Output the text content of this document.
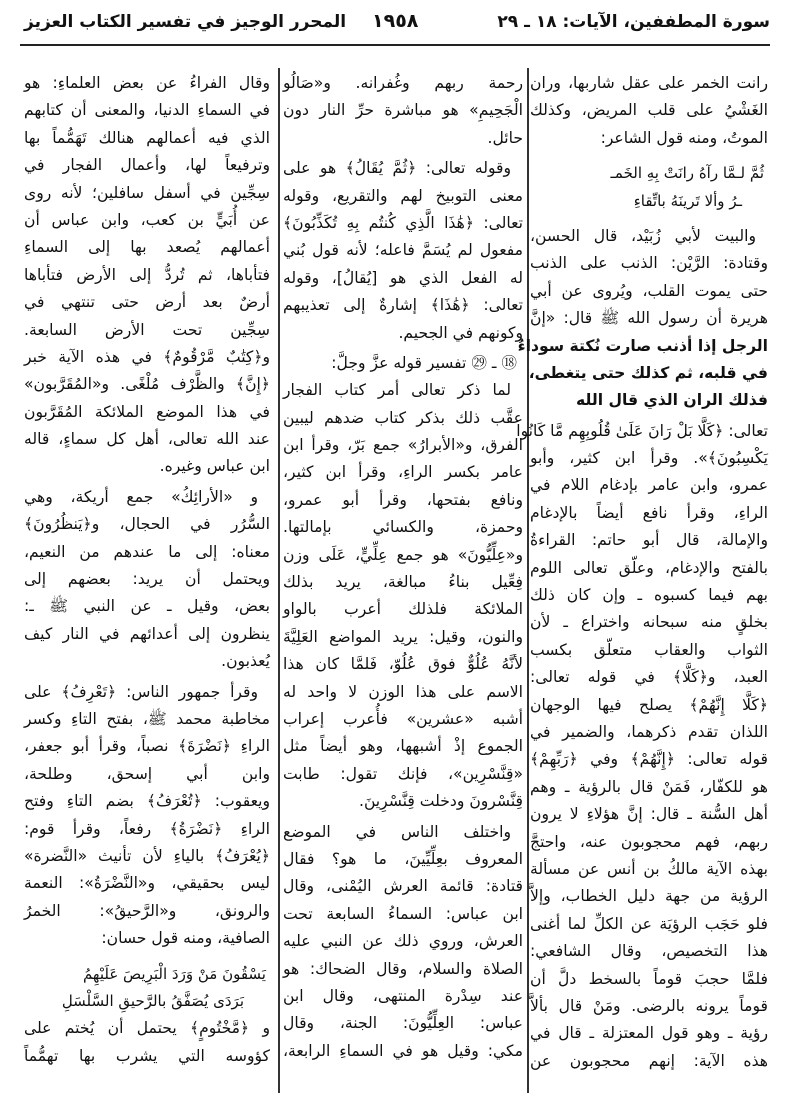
سورة المطففين، الآيات: ١٨ ـ ٢٩
١٩٥٨
المحرر الوجيز في تفسير الكتاب العزيز
رانت الخمر على عقل شاربها، وران
الغَشْيُ على قلب المريض، وكذلك
الموتُ، ومنه قول الشاعر:
ثُمَّ لـمَّا رآهُ رانَتْ بِهِ الخَمـ
ـرُ وألا تَرينَهُ باتِّقاءِ
والبيت لأبي زُبَيْد، قال الحسن،
وقتادة: الرَّيْن: الذنب على الذنب
حتى يموت القلب، ويُروى عن أبي
هريرة أن رسول الله ﷺ قال: «إنَّ
الرجل إذا أذنب صارت نُكتة سوداءُ
في قلبه، ثم كذلك حتى يتغطى،
فذلك الران الذي قال الله
تعالى: ﴿كَلَّا بَلْ رَانَ عَلَىٰ قُلُوبِهِم مَّا كَانُوا
يَكْسِبُونَ﴾». وقرأ ابن كثير، وأبو
عمرو، وابن عامر بإدغام اللام في
الراءِ، وقرأ نافع أيضاً بالإدغام
والإمالة، قال أبو حاتم: القراءةُ
بالفتح والإدغام، وعلّق تعالى اللوم
بهم فيما كسبوه ـ وإن كان ذلك
بخلقٍ منه سبحانه واختراع ـ لأن
الثواب والعقاب متعلّق بكسب
العبد، و﴿كَلَّا﴾ في قوله تعالى:
﴿كَلَّا إِنَّهُمْ﴾ يصلح فيها الوجهان
اللذان تقدم ذكرهما، والضمير في
قوله تعالى: ﴿إِنَّهُمْ﴾ وفي ﴿رَبِّهِمْ﴾
هو للكفّار، فَمَنْ قال بالرؤية ـ وهم
أهل السُّنة ـ قال: إنَّ هؤلاءِ لا يرون
ربهم، فهم محجوبون عنه، واحتجَّ
بهذه الآية مالكُ بن أنس عن مسألة
الرؤية من جهة دليل الخطاب، وإلاَّ
فلو حَجَب الرؤيَة عن الكلِّ لما أغنى
هذا التخصيص، وقال الشافعي:
فلمَّا حجبَ قوماً بالسخط دلَّ أن
قوماً يرونه بالرضى. ومَنْ قال بألاَّ
رؤية ـ وهو قول المعتزلة ـ قال في
هذه الآية: إنهم محجوبون عن
رحمة ربهم وغُفرانه. و«صَالُو
الْجَحِيمِ» هو مباشرة حرِّ النار دون
حائل.
وقوله تعالى: ﴿ثُمَّ يُقَالُ﴾ هو على
معنى التوبيخ لهم والتقريع، وقوله
تعالى: ﴿هَٰذَا الَّذِي كُنتُم بِهِ تُكَذِّبُونَ﴾
مفعول لم يُسَمَّ فاعله؛ لأنه قول بُني
له الفعل الذي هو [يُقالُ]، وقوله
تعالى: ﴿هَٰذَا﴾ إشارةٌ إلى تعذيبهم
وكونهم في الجحيم.
⑱ ـ ㉙ تفسير قوله عزَّ وجلَّ:
لما ذكر تعالى أمر كتاب الفجار
عقَّب ذلك بذكر كتاب ضدهم ليبين
الفرق، و«الأبرارُ» جمع بَرّ، وقرأ ابن
عامر بكسر الراءِ، وقرأ ابن كثير،
ونافع بفتحها، وقرأ أبو عمرو،
وحمزة، والكسائي بإمالتها.
و«عِلِّيُّونَ» هو جمع عِلِّيٍّ، عَلَى وزن
فِعِّيل بناءُ مبالغة، يريد بذلك
الملائكة فلذلك أعرب بالواو
والنون، وقيل: يريد المواضع العَلِيَّةَ
لأنَّهُ عُلُوٌّ فوق عُلُوّ، فَلمَّا كان هذا
الاسم على هذا الوزن لا واحد له
أشبه «عشرين» فأُعرب إعراب
الجموع إذْ أشبهها، وهو أيضاً مثل
«قِنَّسْرِين»، فإنك تقول: طابت
قِنَّسْرونَ ودخلت قِنَّسْرِينَ.
واختلف الناس في الموضع
المعروف بعِلِّيِّينَ، ما هو؟ فقال
قتادة: قائمة العرش اليُمْنى، وقال
ابن عباس: السماءُ السابعة تحت
العرش، وروي ذلك عن النبي عليه
الصلاة والسلام، وقال الضحاك: هو
عند سِدْرة المنتهى، وقال ابن
عباس: العِلِّيُّونَ: الجنة، وقال
مكي: وقيل هو في السماءِ الرابعة،
وقال الفراءُ عن بعض العلماءِ: هو
في السماءِ الدنيا، والمعنى أن كتابهم
الذي فيه أعمالهم هنالك تَهَمُّماً بها
وترفيعاً لها، وأعمال الفجار في
سِجِّين في أسفل سافلين؛ لأنه روى
عن أُبَيٍّ بن كعب، وابن عباس أن
أعمالهم يُصعد بها إلى السماءِ
فتأباها، ثم تُردُّ إلى الأرض فتأباها
أرضٌ بعد أرض حتى تنتهي في
سِجِّين تحت الأرض السابعة.
و﴿كِتَٰبٌ مَّرْقُومٌ﴾ في هذه الآية خبر
﴿إِنَّ﴾ والظَّرْف مُلْغًى. و«المُقَرَّبون»
في هذا الموضع الملائكة المُقَرَّبون
عند الله تعالى، أهل كل سماءٍ، قاله
ابن عباس وغيره.
و «الأرائِكُ» جمع أريكة، وهي
السُّرُر في الحجال، و﴿يَنظُرُونَ﴾
معناه: إلى ما عندهم من النعيم،
ويحتمل أن يريد: بعضهم إلى
بعض، وقيل ـ عن النبي ﷺ ـ:
ينظرون إلى أعدائهم في النار كيف
يُعذبون.
وقرأ جمهور الناس: ﴿تَعْرِفُ﴾ على
مخاطبة محمد ﷺ، بفتح التاءِ وكسر
الراءِ ﴿نَضْرَةَ﴾ نصباً، وقرأ أبو جعفر،
وابن أبي إسحق، وطلحة،
ويعقوب: ﴿تُعْرَفُ﴾ بضم التاءِ وفتح
الراءِ ﴿نَضْرَةُ﴾ رفعاً، وقرأ قوم:
﴿يُعْرَفُ﴾ بالياءِ لأن تأنيث «النَّضرة»
ليس بحقيقي، و«النَّضْرَةُ»: النعمة
والرونق، و«الرَّحيقُ»: الخمرُ
الصافية، ومنه قول حسان:
يَسْقُونَ مَنْ وَرَدَ الْبَرِيصَ عَلَيْهِمُ
بَرَدَى يُصَفَّقُ بالرَّحيقِ السَّلْسَلِ
و ﴿مَّخْتُومٍ﴾ يحتمل أن يُختم على
كؤوسه التي يشرب بها تهمُّماً
